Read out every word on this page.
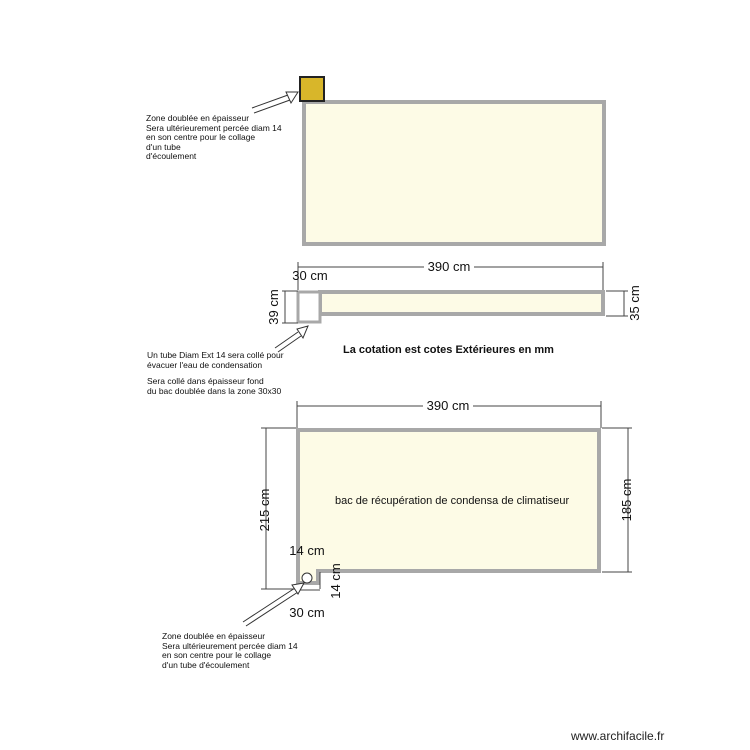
390 cm
30 cm
39 cm	35 cm
La cotation est cotes Extérieures en mm
390 cm
bac de récupération de condensa de climatiseur
215 cm	185 cm
14 cm
14 cm
30 cm
www.archifacile.fr
Zone doublée en épaisseur
Sera ultérieurement percée diam 14
en son centre pour le collage
d'un tube
d'écoulement
Un tube Diam Ext 14 sera collé pour
évacuer l'eau de condensation
Sera collé dans épaisseur fond
du bac doublée dans la zone 30x30
Zone doublée en épaisseur
Sera ultérieurement percée diam 14
en son centre pour le collage
d'un tube d'écoulement
